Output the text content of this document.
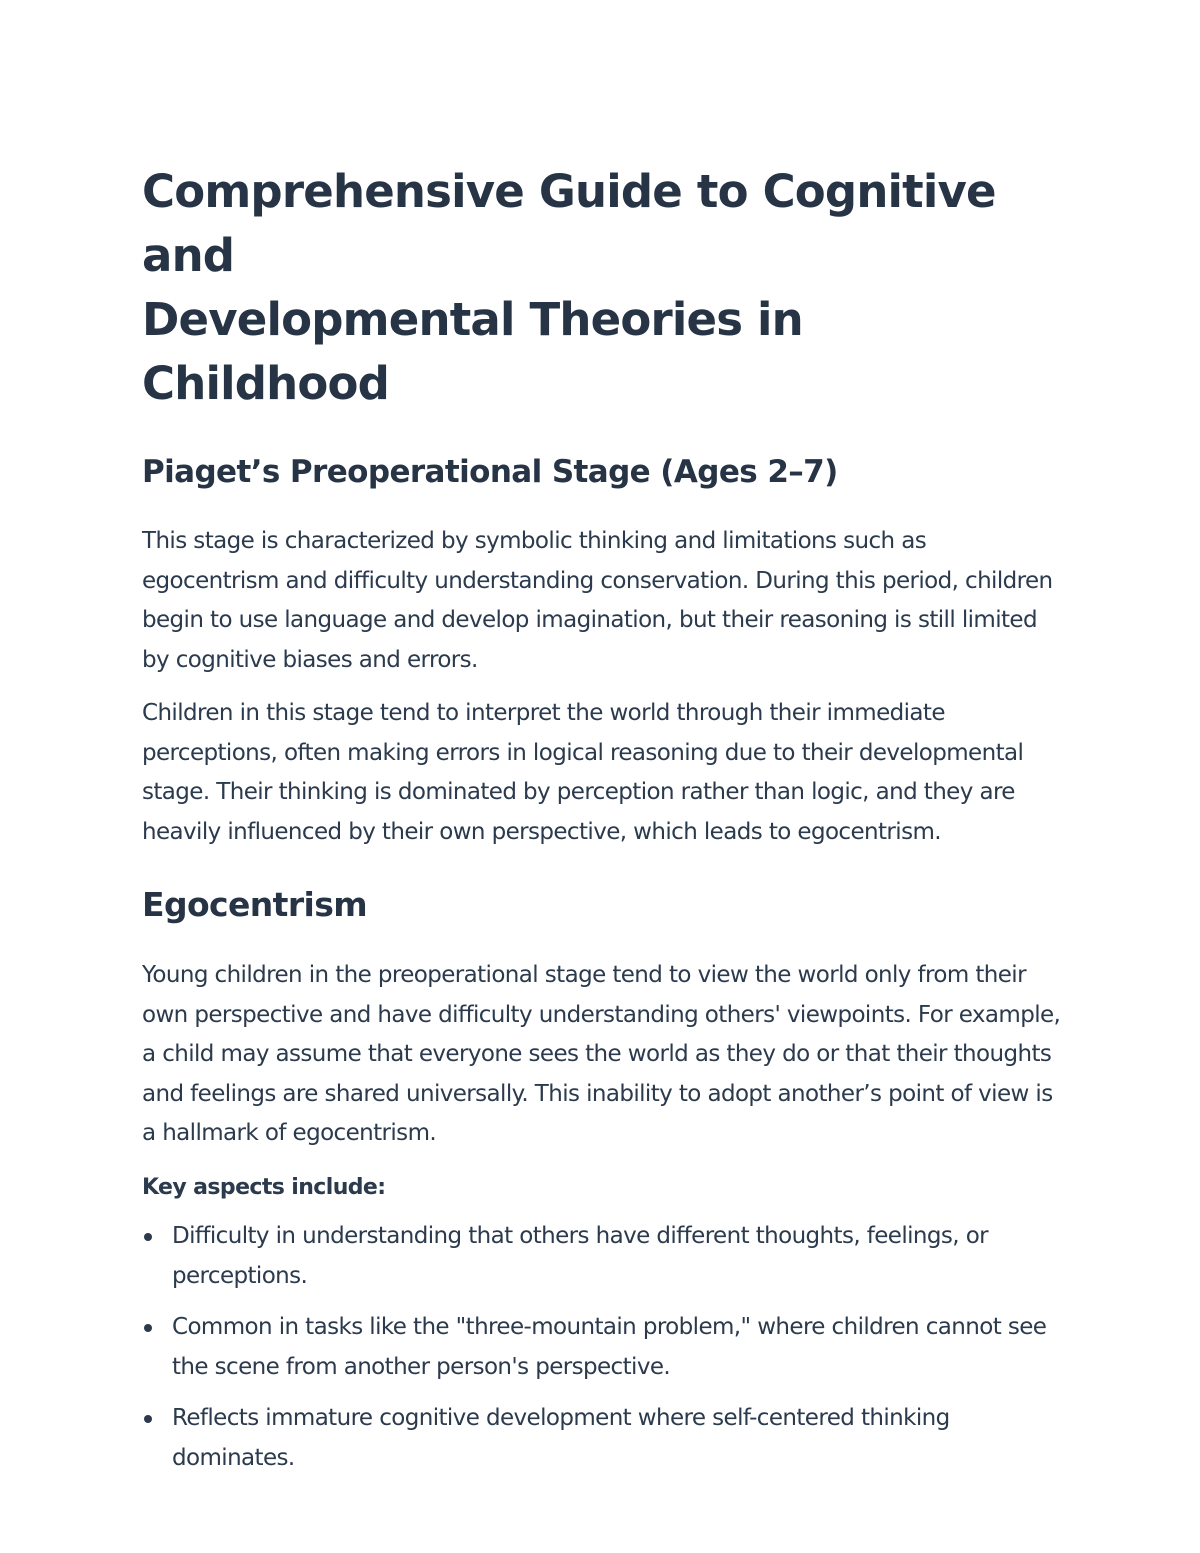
Comprehensive Guide to Cognitive and
Developmental Theories in Childhood
Piaget’s Preoperational Stage (Ages 2–7)

This stage is characterized by symbolic thinking and limitations such as egocentrism and difficulty understanding conservation. During this period, children begin to use language and develop imagination, but their reasoning is still limited by cognitive biases and errors.

Children in this stage tend to interpret the world through their immediate perceptions, often making errors in logical reasoning due to their developmental stage. Their thinking is dominated by perception rather than logic, and they are heavily influenced by their own perspective, which leads to egocentrism.

Egocentrism

Young children in the preoperational stage tend to view the world only from their own perspective and have difficulty understanding others' viewpoints. For example, a child may assume that everyone sees the world as they do or that their thoughts and feelings are shared universally. This inability to adopt another’s point of view is a hallmark of egocentrism.

Key aspects include:

Difficulty in understanding that others have different thoughts, feelings, or perceptions.
Common in tasks like the "three-mountain problem," where children cannot see the scene from another person's perspective.
Reflects immature cognitive development where self-centered thinking dominates.
